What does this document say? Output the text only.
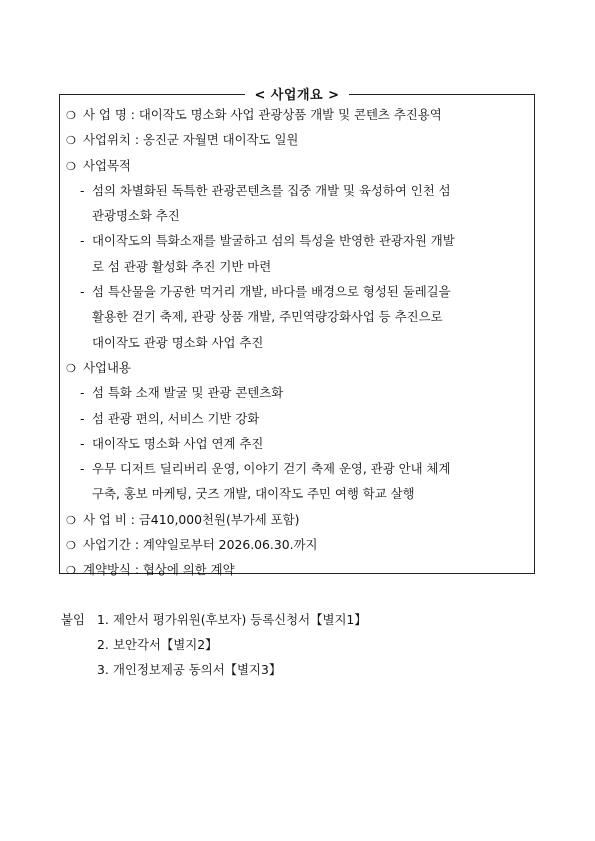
< 사업개요 >
❍ 사 업 명 : 대이작도 명소화 사업 관광상품 개발 및 콘텐츠 추진용역
❍ 사업위치 : 옹진군 자월면 대이작도 일원
❍ 사업목적
- 섬의 차별화된 독특한 관광콘텐츠를 집중 개발 및 육성하여 인천 섬
관광명소화 추진
- 대이작도의 특화소재를 발굴하고 섬의 특성을 반영한 관광자원 개발
로 섬 관광 활성화 추진 기반 마련
- 섬 특산물을 가공한 먹거리 개발, 바다를 배경으로 형성된 둘레길을
활용한 걷기 축제, 관광 상품 개발, 주민역량강화사업 등 추진으로
대이작도 관광 명소화 사업 추진
❍ 사업내용
- 섬 특화 소재 발굴 및 관광 콘텐츠화
- 섬 관광 편의, 서비스 기반 강화
- 대이작도 명소화 사업 연계 추진
- 우무 디저트 딜리버리 운영, 이야기 걷기 축제 운영, 관광 안내 체계
구축, 홍보 마케팅, 굿즈 개발, 대이작도 주민 여행 학교 살행
❍ 사 업 비 : 금410,000천원(부가세 포함)
❍ 사업기간 : 계약일로부터 2026.06.30.까지
❍ 계약방식 : 협상에 의한 계약
붙임 1. 제안서 평가위원(후보자) 등록신청서【별지1】
2. 보안각서【별지2】
3. 개인정보제공 동의서【별지3】
